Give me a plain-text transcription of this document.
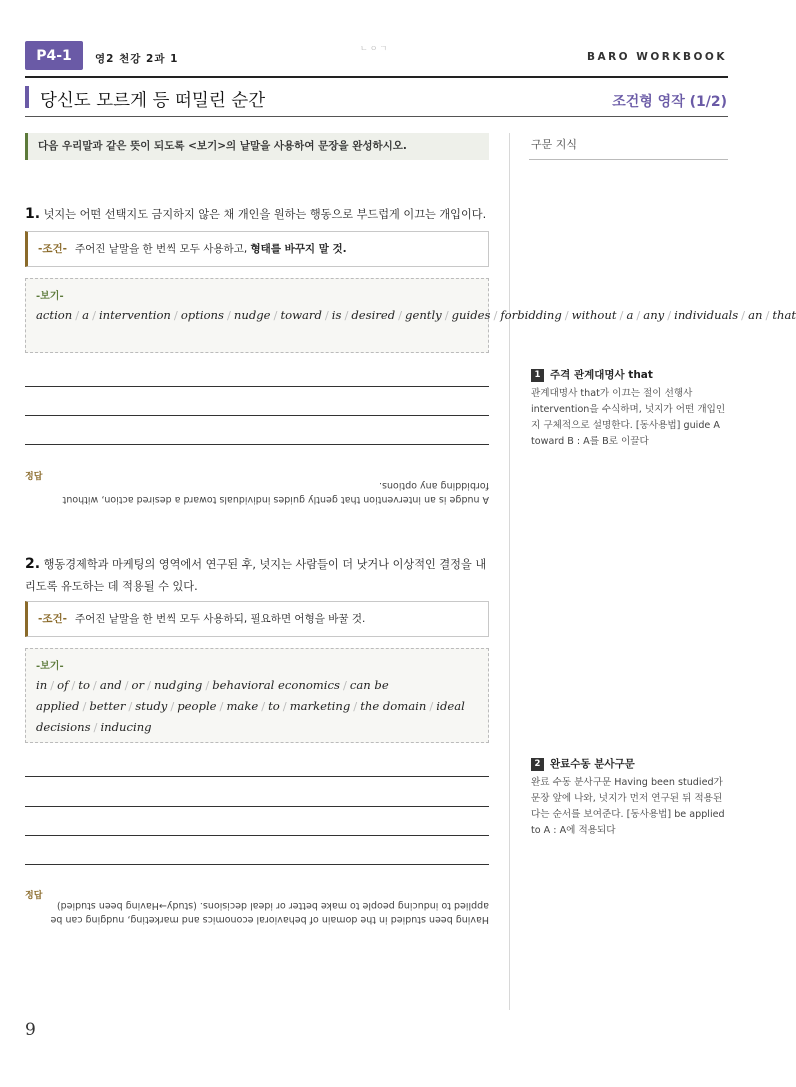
P4-1	영2 천강 2과 1
ㄴㅇㄱ
BARO WORKBOOK
당신도 모르게 등 떠밀린 순간	조건형 영작 (1/2)
다음 우리말과 같은 뜻이 되도록 <보기>의 낱말을 사용하여 문장을 완성하시오.	구문 지식
1 주격 관계대명사 that
관계대명사 that가 이끄는 절이 선행사 intervention을 수식하며, 넛지가 어떤 개입인지 구체적으로 설명한다. [동사용법] guide A toward B : A를 B로 이끌다
2 완료수동 분사구문
완료 수동 분사구문 Having been studied가 문장 앞에 나와, 넛지가 먼저 연구된 뒤 적용된다는 순서를 보여준다. [동사용법] be applied to A : A에 적용되다
1. 넛지는 어떤 선택지도 금지하지 않은 채 개인을 원하는 행동으로 부드럽게 이끄는 개입이다.
-조건- 주어진 낱말을 한 번씩 모두 사용하고, 형태를 바꾸지 말 것.
-보기-
action / a / intervention / options / nudge / toward / is / desired / gently / guides / forbidding / without / a / any / individuals / an / that
정답
A nudge is an intervention that gently guides individuals toward a desired action, without forbidding any options.
2. 행동경제학과 마케팅의 영역에서 연구된 후, 넛지는 사람들이 더 낫거나 이상적인 결정을 내리도록 유도하는 데 적용될 수 있다.
-조건- 주어진 낱말을 한 번씩 모두 사용하되, 필요하면 어형을 바꿀 것.
-보기-
in / of / to / and / or / nudging / behavioral economics / can be applied / better / study / people / make / to / marketing / the domain / ideal decisions / inducing
정답
Having been studied in the domain of behavioral economics and marketing, nudging can be applied to inducing people to make better or ideal decisions. (study→Having been studied)
9
